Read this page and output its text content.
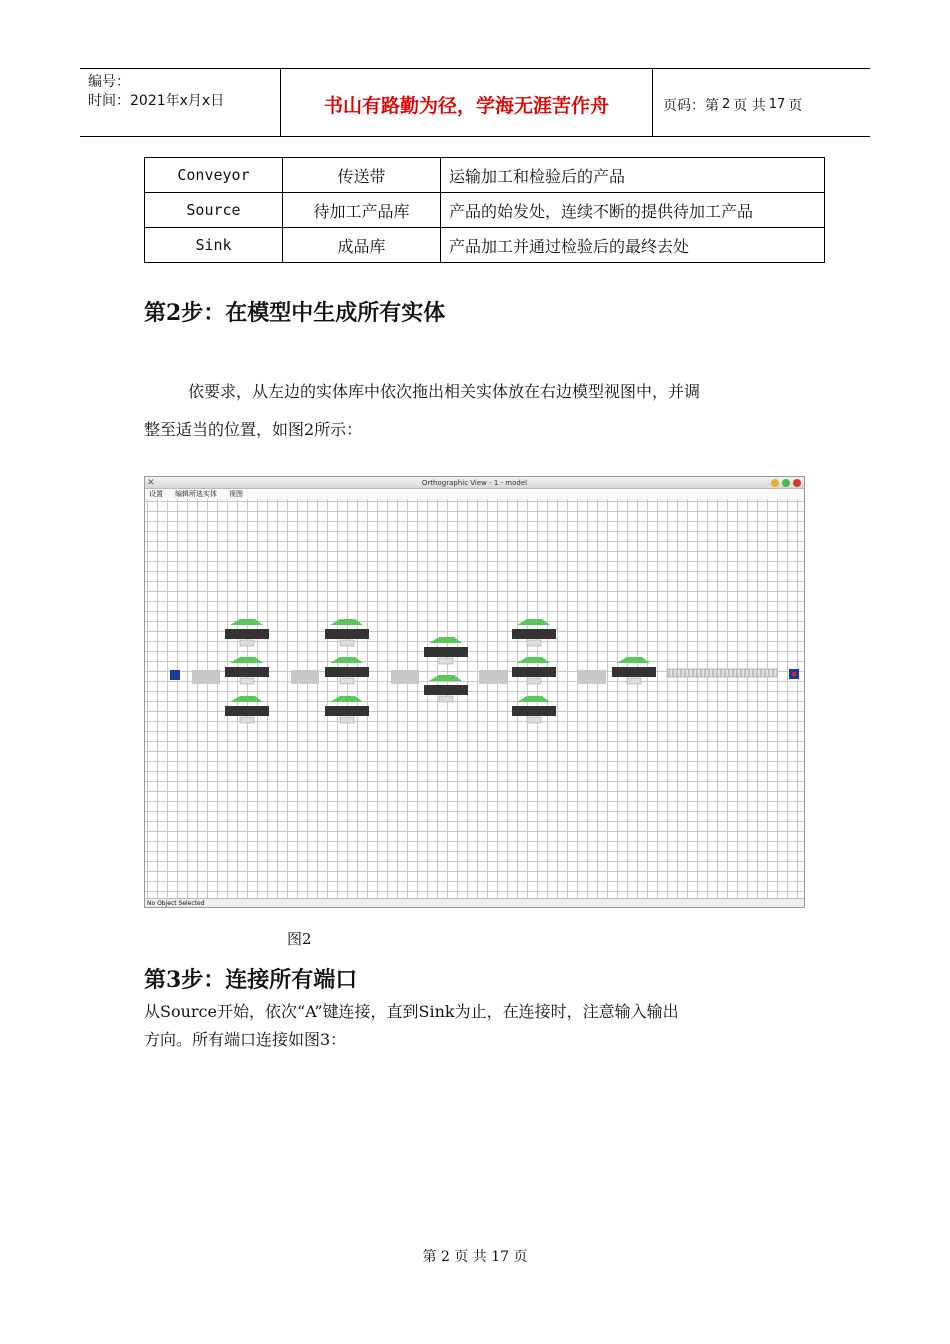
编号：
时间：2021年x月x日	书山有路勤为径，学海无涯苦作舟	页码：第 2 页 共 17 页
Conveyor	传送带	运输加工和检验后的产品
Source	待加工产品库	产品的始发处，连续不断的提供待加工产品
Sink	成品库	产品加工并通过检验后的最终去处
第2步：在模型中生成所有实体
依要求，从左边的实体库中依次拖出相关实体放在右边模型视图中，并调
整至适当的位置，如图2所示：
✕	Orthographic View - 1 - model
设置 编辑所选实体 视图
No Object Selected
图2
第3步：连接所有端口
从Source开始，依次“A”键连接，直到Sink为止，在连接时，注意输入输出
方向。所有端口连接如图3：
第 2 页 共 17 页
